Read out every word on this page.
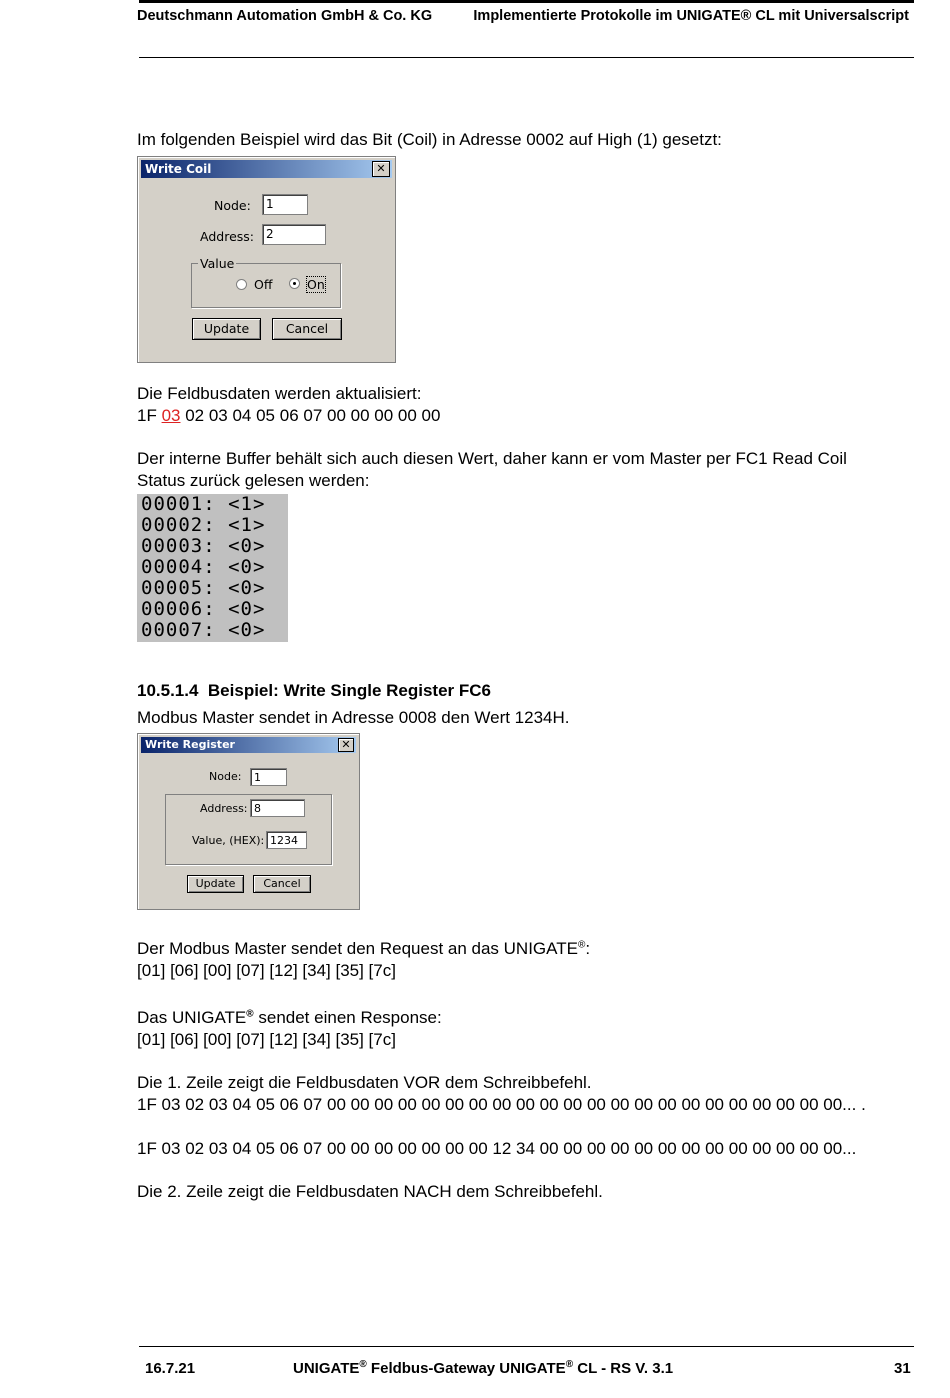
Deutschmann Automation GmbH & Co. KG	Implementierte Protokolle im UNIGATE® CL mit Universalscript
Im folgenden Beispiel wird das Bit (Coil) in Adresse 0002 auf High (1) gesetzt:
Write Coil	✕
Node:	1
Address:	2
Value
Off	On
Update	Cancel
Die Feldbusdaten werden aktualisiert:
1F 03 02 03 04 05 06 07 00 00 00 00 00
Der interne Buffer behält sich auch diesen Wert, daher kann er vom Master per FC1 Read Coil
Status zurück gelesen werden:
00001: <1>
00002: <1>
00003: <0>
00004: <0>
00005: <0>
00006: <0>
00007: <0>
10.5.1.4 Beispiel: Write Single Register FC6
Modbus Master sendet in Adresse 0008 den Wert 1234H.
Write Register	✕
Node:	1
Address: 8
Value, (HEX): 1234
Update	Cancel
Der Modbus Master sendet den Request an das UNIGATE®:
[01] [06] [00] [07] [12] [34] [35] [7c]
Das UNIGATE® sendet einen Response:
[01] [06] [00] [07] [12] [34] [35] [7c]
Die 1. Zeile zeigt die Feldbusdaten VOR dem Schreibbefehl.
1F 03 02 03 04 05 06 07 00 00 00 00 00 00 00 00 00 00 00 00 00 00 00 00 00 00 00 00 00 00... .
1F 03 02 03 04 05 06 07 00 00 00 00 00 00 00 12 34 00 00 00 00 00 00 00 00 00 00 00 00 00...
Die 2. Zeile zeigt die Feldbusdaten NACH dem Schreibbefehl.
16.7.21	UNIGATE® Feldbus-Gateway UNIGATE® CL - RS V. 3.1	31
